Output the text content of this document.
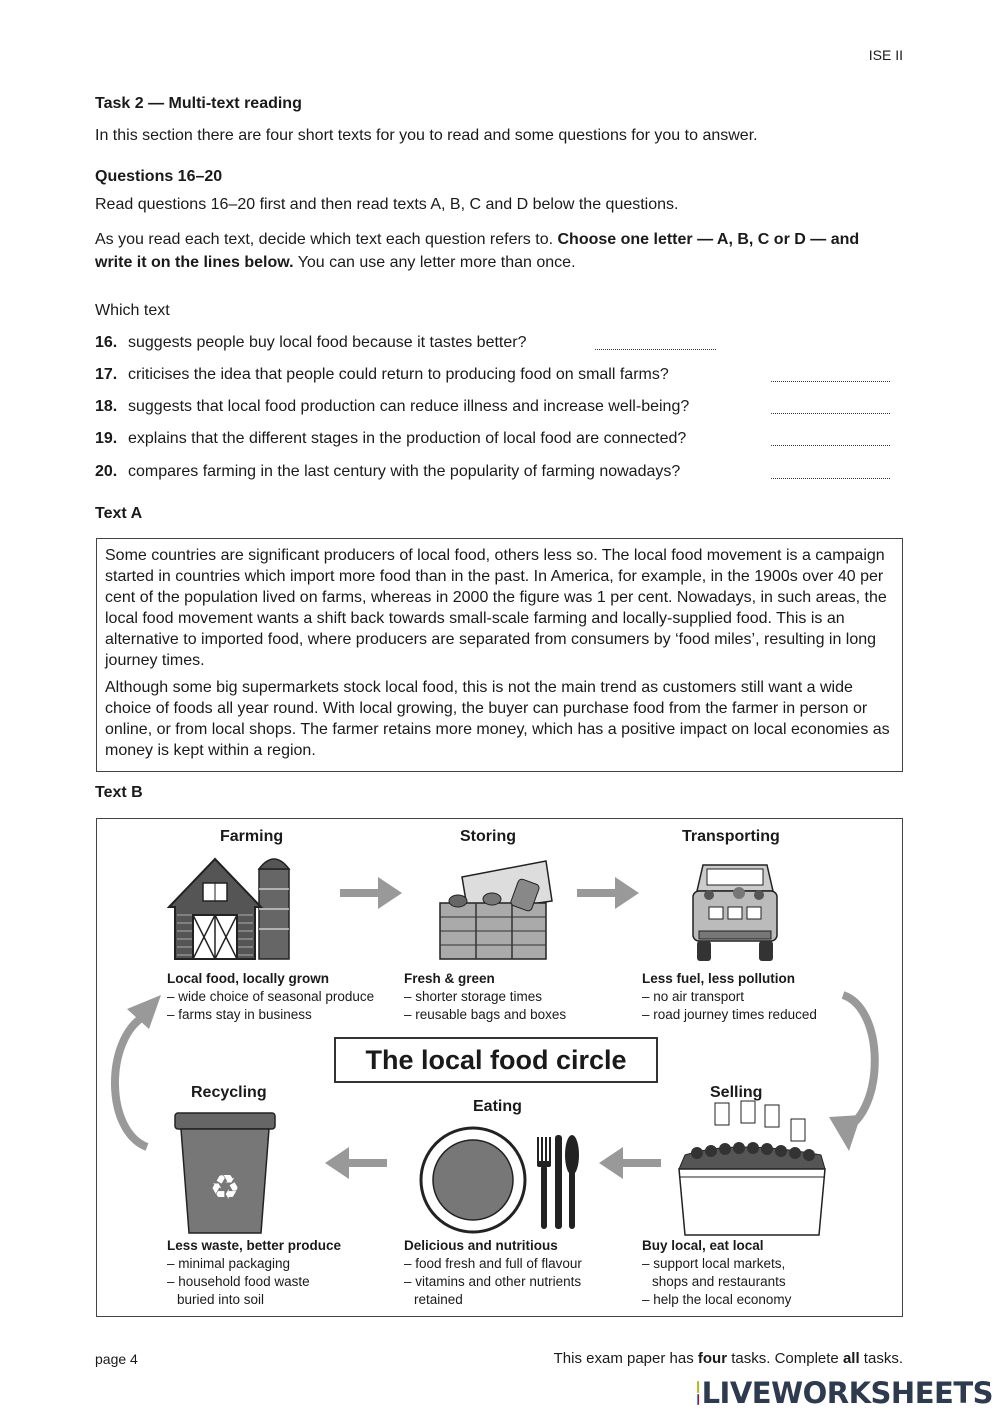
ISE II
Task 2 — Multi-text reading
In this section there are four short texts for you to read and some questions for you to answer.
Questions 16–20
Read questions 16–20 first and then read texts A, B, C and D below the questions.
As you read each text, decide which text each question refers to. Choose one letter — A, B, C or D — and write it on the lines below. You can use any letter more than once.
Which text
16. suggests people buy local food because it tastes better?
17. criticises the idea that people could return to producing food on small farms?
18. suggests that local food production can reduce illness and increase well-being?
19. explains that the different stages in the production of local food are connected?
20. compares farming in the last century with the popularity of farming nowadays?
Text A

Some countries are significant producers of local food, others less so. The local food movement is a campaign started in countries which import more food than in the past. In America, for example, in the 1900s over 40 per cent of the population lived on farms, whereas in 2000 the figure was 1 per cent. Nowadays, in such areas, the local food movement wants a shift back towards small-scale farming and locally-supplied food. This is an alternative to imported food, where producers are separated from consumers by ‘food miles’, resulting in long journey times.

Although some big supermarkets stock local food, this is not the main trend as customers still want a wide choice of foods all year round. With local growing, the buyer can purchase food from the farmer in person or online, or from local shops. The farmer retains more money, which has a positive impact on local economies as money is kept within a region.

Text B
Farming	Storing	Transporting
Recycling
Eating
Selling
Local food, locally grown
– wide choice of seasonal produce
– farms stay in business
Fresh & green
– shorter storage times
– reusable bags and boxes
Less fuel, less pollution
– no air transport
– road journey times reduced
The local food circle
♻
Less waste, better produce
– minimal packaging
– household food waste
buried into soil
Delicious and nutritious
– food fresh and full of flavour
– vitamins and other nutrients
retained
Buy local, eat local
– support local markets,
shops and restaurants
– help the local economy
page 4	This exam paper has four tasks. Complete all tasks.
LIVEWORKSHEETS
